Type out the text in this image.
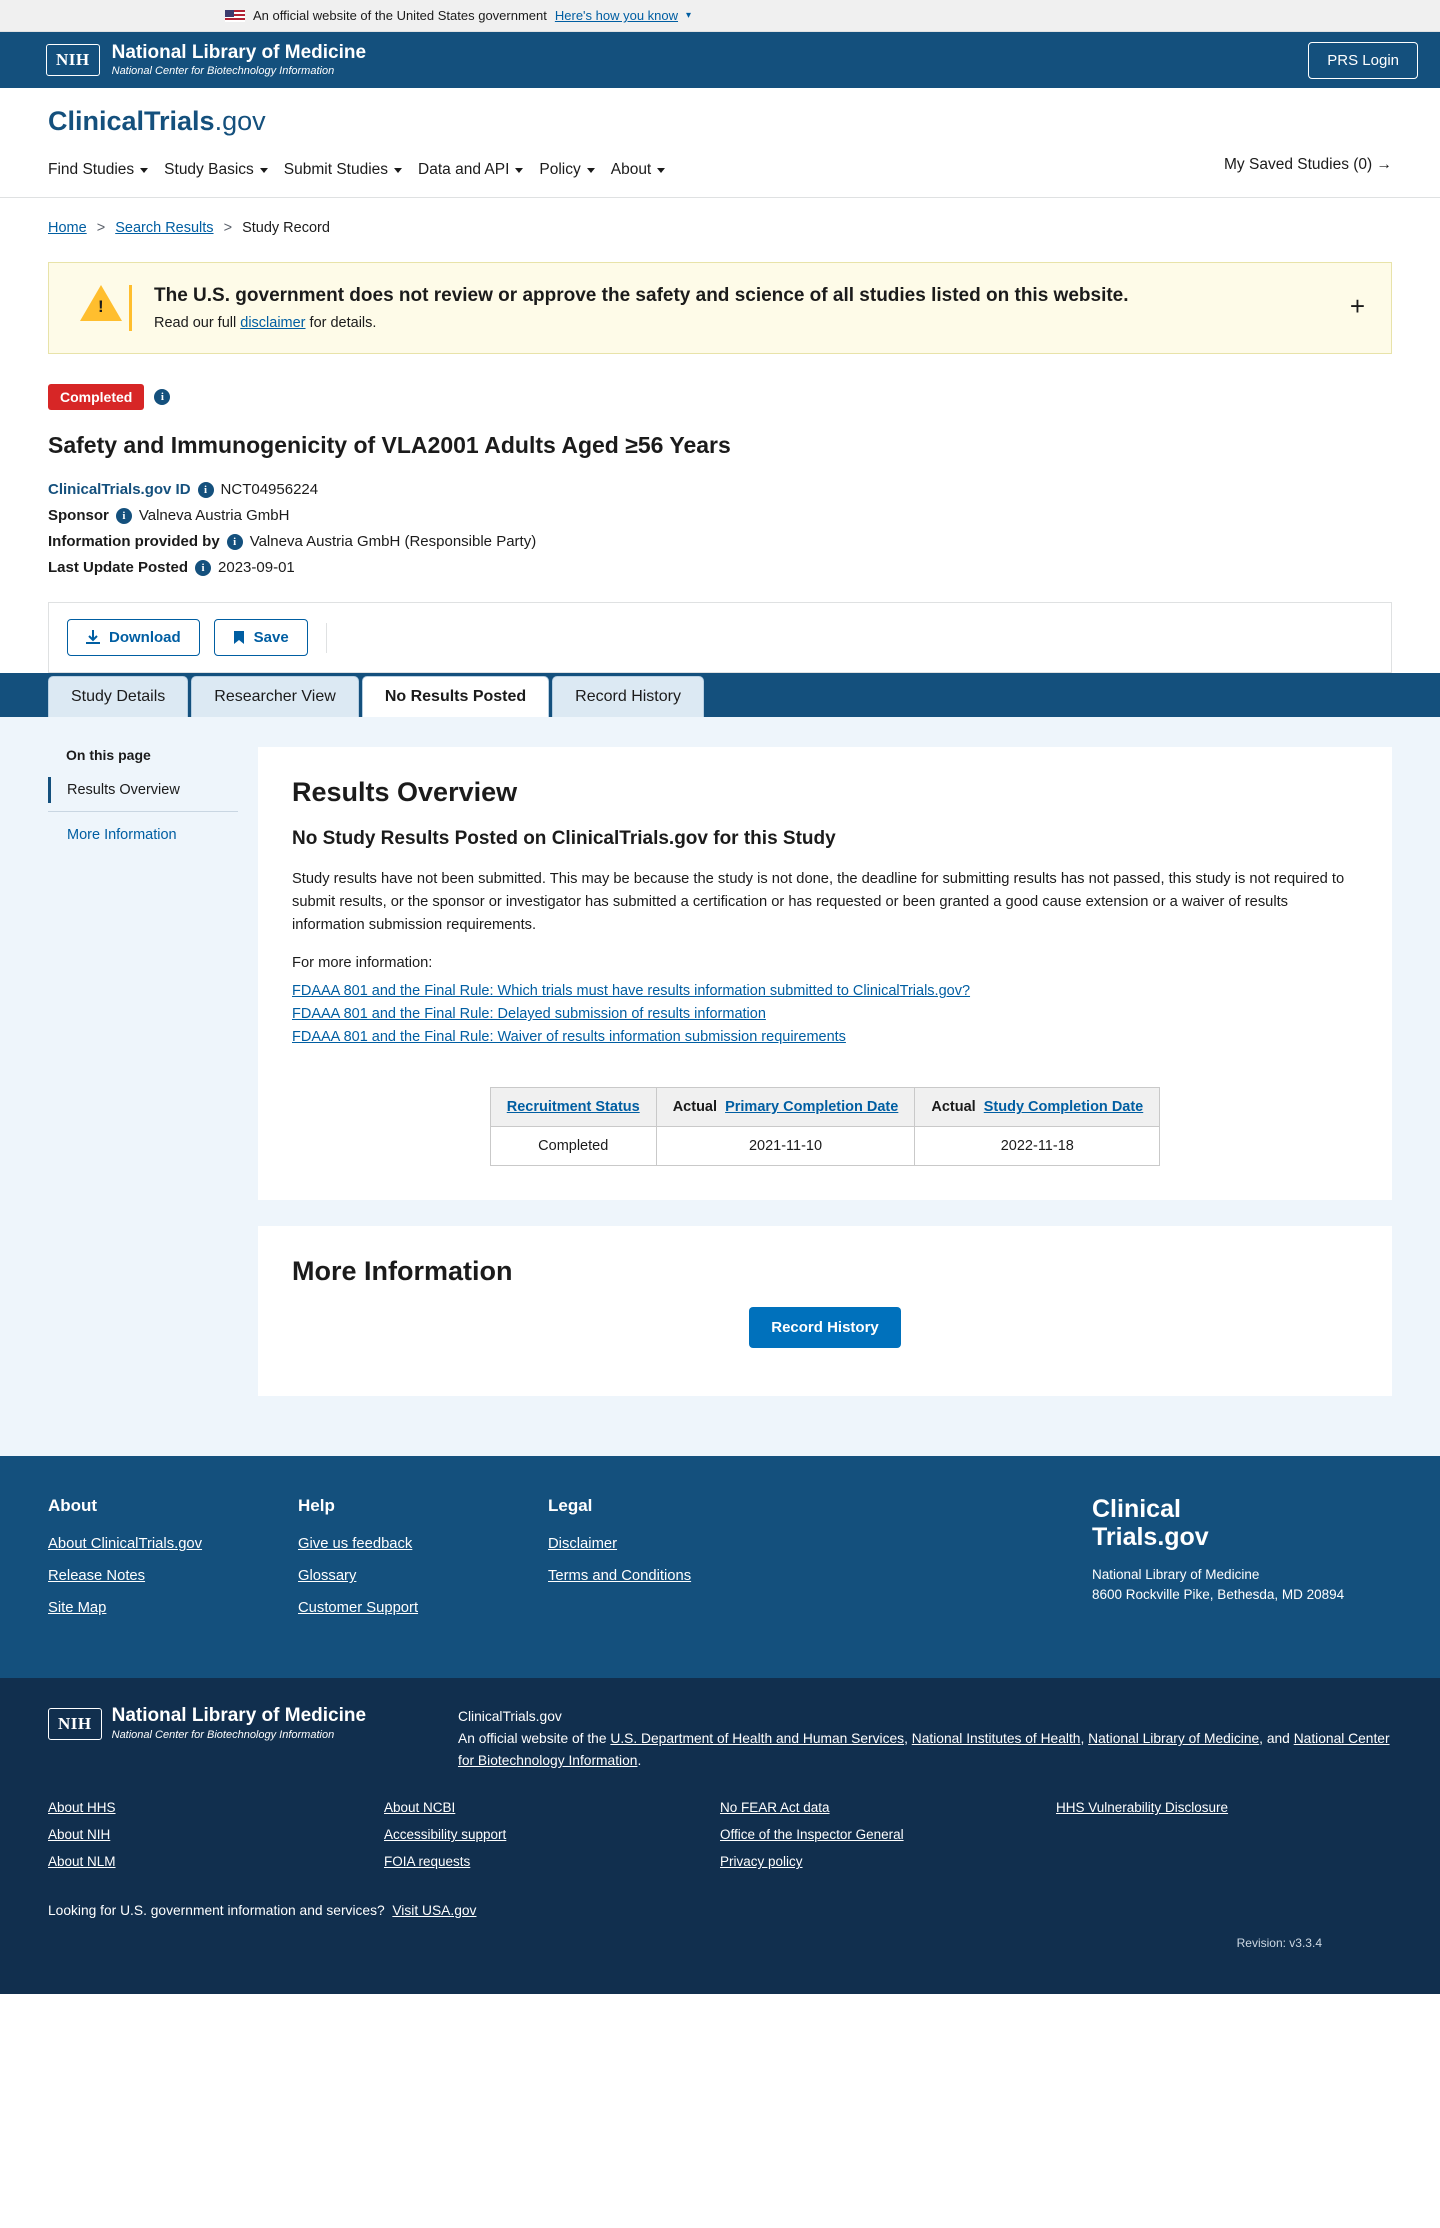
An official website of the United States government Here's how you know ▾
NIH	National Library of Medicine
National Center for Biotechnology Information
PRS Login
ClinicalTrials.gov
Find Studies Study Basics Submit Studies Data and API Policy About	My Saved Studies (0) →
Home > Search Results > Study Record
!
The U.S. government does not review or approve the safety and science of all studies listed on this website.

Read our full disclaimer for details.

+
Completed	i
Safety and Immunogenicity of VLA2001 Adults Aged ≥56 Years
ClinicalTrials.gov ID	i NCT04956224
Sponsor	i Valneva Austria GmbH
Information provided by	i Valneva Austria GmbH (Responsible Party)
Last Update Posted	i 2023-09-01
Download	Save
Study Details	Researcher View	No Results Posted	Record History
On this page
Results Overview
More Information
Results Overview
No Study Results Posted on ClinicalTrials.gov for this Study

Study results have not been submitted. This may be because the study is not done, the deadline for submitting results has not passed, this study is not required to submit results, or the sponsor or investigator has submitted a certification or has requested or been granted a good cause extension or a waiver of results information submission requirements.

For more information:

FDAAA 801 and the Final Rule: Which trials must have results information submitted to ClinicalTrials.gov?
FDAAA 801 and the Final Rule: Delayed submission of results information
FDAAA 801 and the Final Rule: Waiver of results information submission requirements
Recruitment Status	Actual Primary Completion Date	Actual Study Completion Date
Completed	2021-11-10	2022-11-18
More Information
Record History
About
About ClinicalTrials.gov
Release Notes
Site Map
Help
Give us feedback
Glossary
Customer Support
Legal
Disclaimer
Terms and Conditions
Clinical
Trials.gov
National Library of Medicine
8600 Rockville Pike, Bethesda, MD 20894
NIH	National Library of Medicine
National Center for Biotechnology Information
ClinicalTrials.gov
An official website of the U.S. Department of Health and Human Services, National Institutes of Health, National Library of Medicine, and National Center for Biotechnology Information.
About HHS
About NIH
About NLM
About NCBI
Accessibility support
FOIA requests
No FEAR Act data
Office of the Inspector General
Privacy policy
HHS Vulnerability Disclosure
Looking for U.S. government information and services? Visit USA.gov
Revision: v3.3.4
